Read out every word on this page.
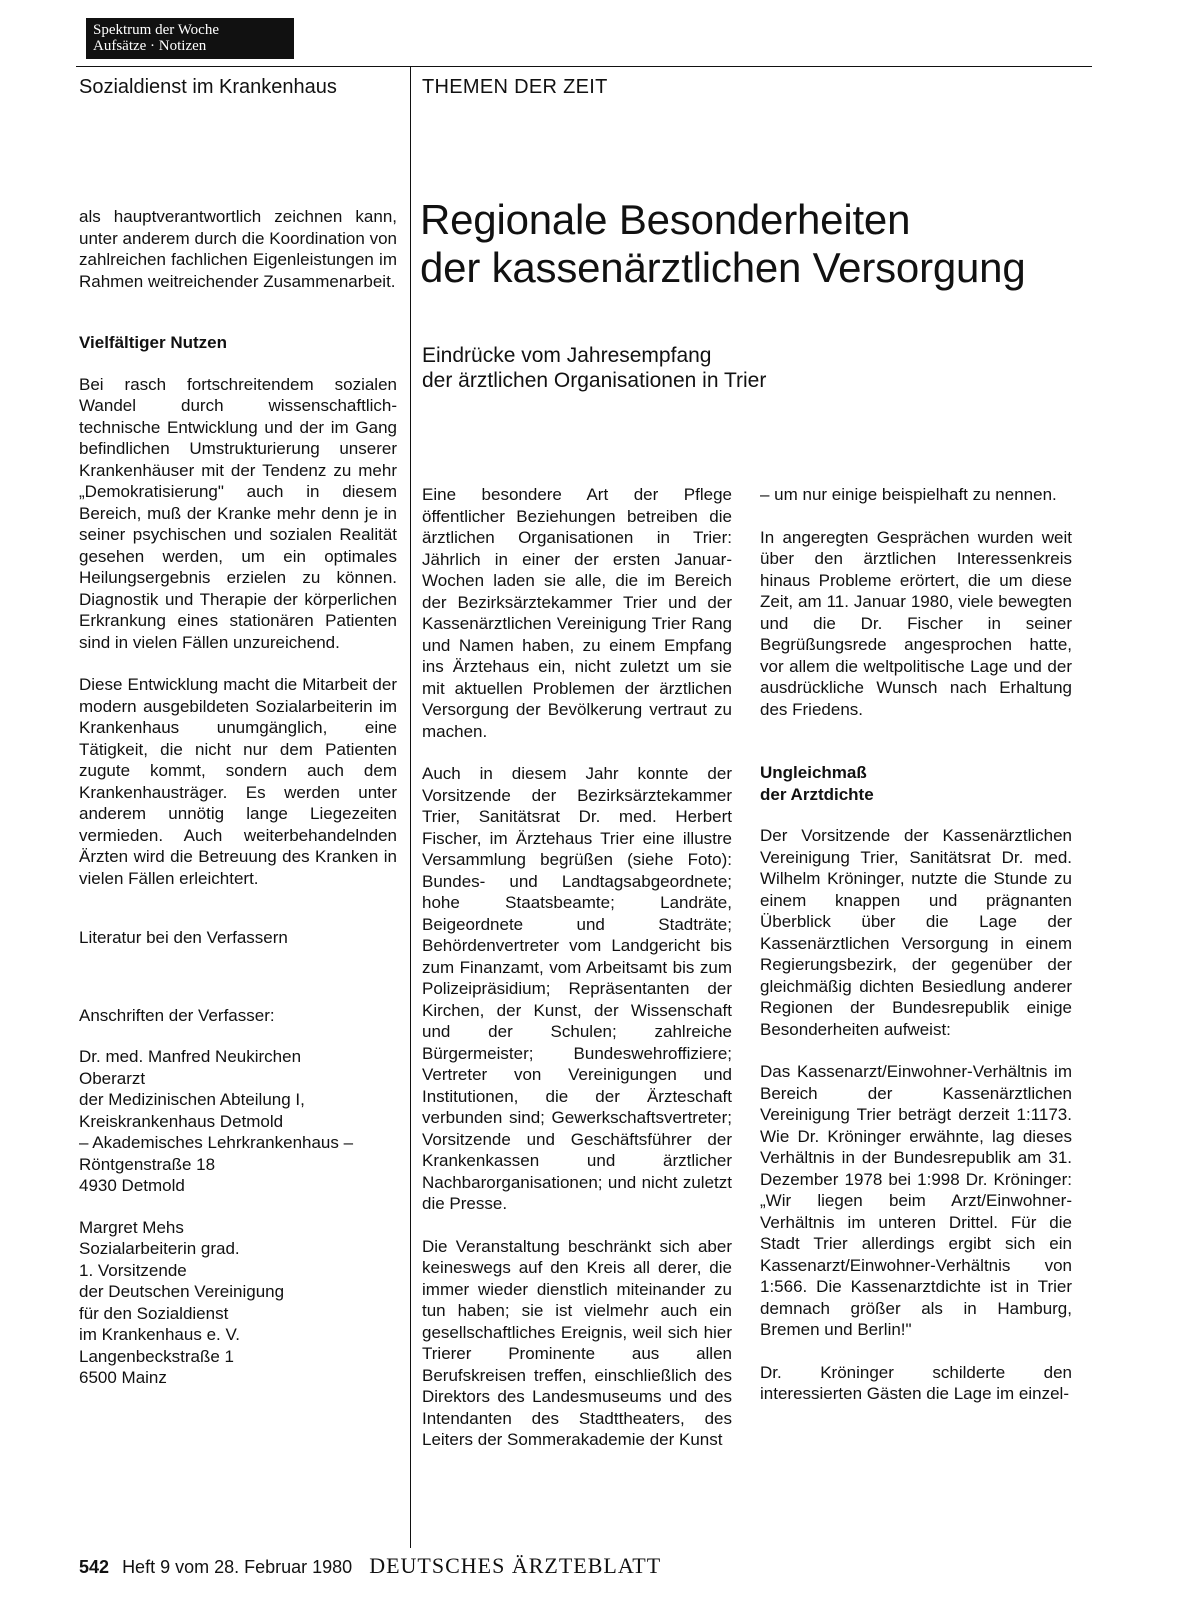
Spektrum der Woche
Aufsätze · Notizen
Sozialdienst im Krankenhaus	THEMEN DER ZEIT

als hauptverantwortlich zeichnen kann, unter anderem durch die Koordination von zahlreichen fachlichen Eigenleistungen im Rahmen weitreichender Zusammenarbeit.

Vielfältiger Nutzen

Bei rasch fortschreitendem sozialen Wandel durch wissenschaftlich-technische Entwicklung und der im Gang befindlichen Umstrukturierung unserer Krankenhäuser mit der Tendenz zu mehr „Demokratisierung" auch in diesem Bereich, muß der Kranke mehr denn je in seiner psychischen und sozialen Realität gesehen werden, um ein optimales Heilungsergebnis erzielen zu können. Diagnostik und Therapie der körperlichen Erkrankung eines stationären Patienten sind in vielen Fällen unzureichend.

Diese Entwicklung macht die Mitarbeit der modern ausgebildeten Sozialarbeiterin im Krankenhaus unumgänglich, eine Tätigkeit, die nicht nur dem Patienten zugute kommt, sondern auch dem Krankenhausträger. Es werden unter anderem unnötig lange Liegezeiten vermieden. Auch weiterbehandelnden Ärzten wird die Betreuung des Kranken in vielen Fällen erleichtert.

Literatur bei den Verfassern

Anschriften der Verfasser:

Dr. med. Manfred Neukirchen
Oberarzt
der Medizinischen Abteilung I,
Kreiskrankenhaus Detmold
– Akademisches Lehrkrankenhaus –
Röntgenstraße 18
4930 Detmold
Margret Mehs
Sozialarbeiterin grad.
1. Vorsitzende
der Deutschen Vereinigung
für den Sozialdienst
im Krankenhaus e. V.
Langenbeckstraße 1
6500 Mainz
Regionale Besonderheiten
der kassenärztlichen Versorgung
Eindrücke vom Jahresempfang
der ärztlichen Organisationen in Trier

Eine besondere Art der Pflege öffentlicher Beziehungen betreiben die ärztlichen Organisationen in Trier: Jährlich in einer der ersten Januar-Wochen laden sie alle, die im Bereich der Bezirksärztekammer Trier und der Kassenärztlichen Vereinigung Trier Rang und Namen haben, zu einem Empfang ins Ärztehaus ein, nicht zuletzt um sie mit aktuellen Problemen der ärztlichen Versorgung der Bevölkerung vertraut zu machen.

Auch in diesem Jahr konnte der Vorsitzende der Bezirksärztekammer Trier, Sanitätsrat Dr. med. Herbert Fischer, im Ärztehaus Trier eine illustre Versammlung begrüßen (siehe Foto): Bundes- und Landtagsabgeordnete; hohe Staatsbeamte; Landräte, Beigeordnete und Stadträte; Behördenvertreter vom Landgericht bis zum Finanzamt, vom Arbeitsamt bis zum Polizeipräsidium; Repräsentanten der Kirchen, der Kunst, der Wissenschaft und der Schulen; zahlreiche Bürgermeister; Bundeswehroffiziere; Vertreter von Vereinigungen und Institutionen, die der Ärzteschaft verbunden sind; Gewerkschaftsvertreter; Vorsitzende und Geschäftsführer der Krankenkassen und ärztlicher Nachbarorganisationen; und nicht zuletzt die Presse.

Die Veranstaltung beschränkt sich aber keineswegs auf den Kreis all derer, die immer wieder dienstlich miteinander zu tun haben; sie ist vielmehr auch ein gesellschaftliches Ereignis, weil sich hier Trierer Prominente aus allen Berufskreisen treffen, einschließlich des Direktors des Landesmuseums und des Intendanten des Stadttheaters, des Leiters der Sommerakademie der Kunst

– um nur einige beispielhaft zu nennen.

In angeregten Gesprächen wurden weit über den ärztlichen Interessenkreis hinaus Probleme erörtert, die um diese Zeit, am 11. Januar 1980, viele bewegten und die Dr. Fischer in seiner Begrüßungsrede angesprochen hatte, vor allem die weltpolitische Lage und der ausdrückliche Wunsch nach Erhaltung des Friedens.

Ungleichmaß
der Arztdichte

Der Vorsitzende der Kassenärztlichen Vereinigung Trier, Sanitätsrat Dr. med. Wilhelm Kröninger, nutzte die Stunde zu einem knappen und prägnanten Überblick über die Lage der Kassenärztlichen Versorgung in einem Regierungsbezirk, der gegenüber der gleichmäßig dichten Besiedlung anderer Regionen der Bundesrepublik einige Besonderheiten aufweist:

Das Kassenarzt/Einwohner-Verhältnis im Bereich der Kassenärztlichen Vereinigung Trier beträgt derzeit 1:1173. Wie Dr. Kröninger erwähnte, lag dieses Verhältnis in der Bundesrepublik am 31. Dezember 1978 bei 1:998 Dr. Kröninger: „Wir liegen beim Arzt/Einwohner-Verhältnis im unteren Drittel. Für die Stadt Trier allerdings ergibt sich ein Kassenarzt/Einwohner-Verhältnis von 1:566. Die Kassenarztdichte ist in Trier demnach größer als in Hamburg, Bremen und Berlin!"

Dr. Kröninger schilderte den interessierten Gästen die Lage im einzel-

542 Heft 9 vom 28. Februar 1980 DEUTSCHES ÄRZTEBLATT
